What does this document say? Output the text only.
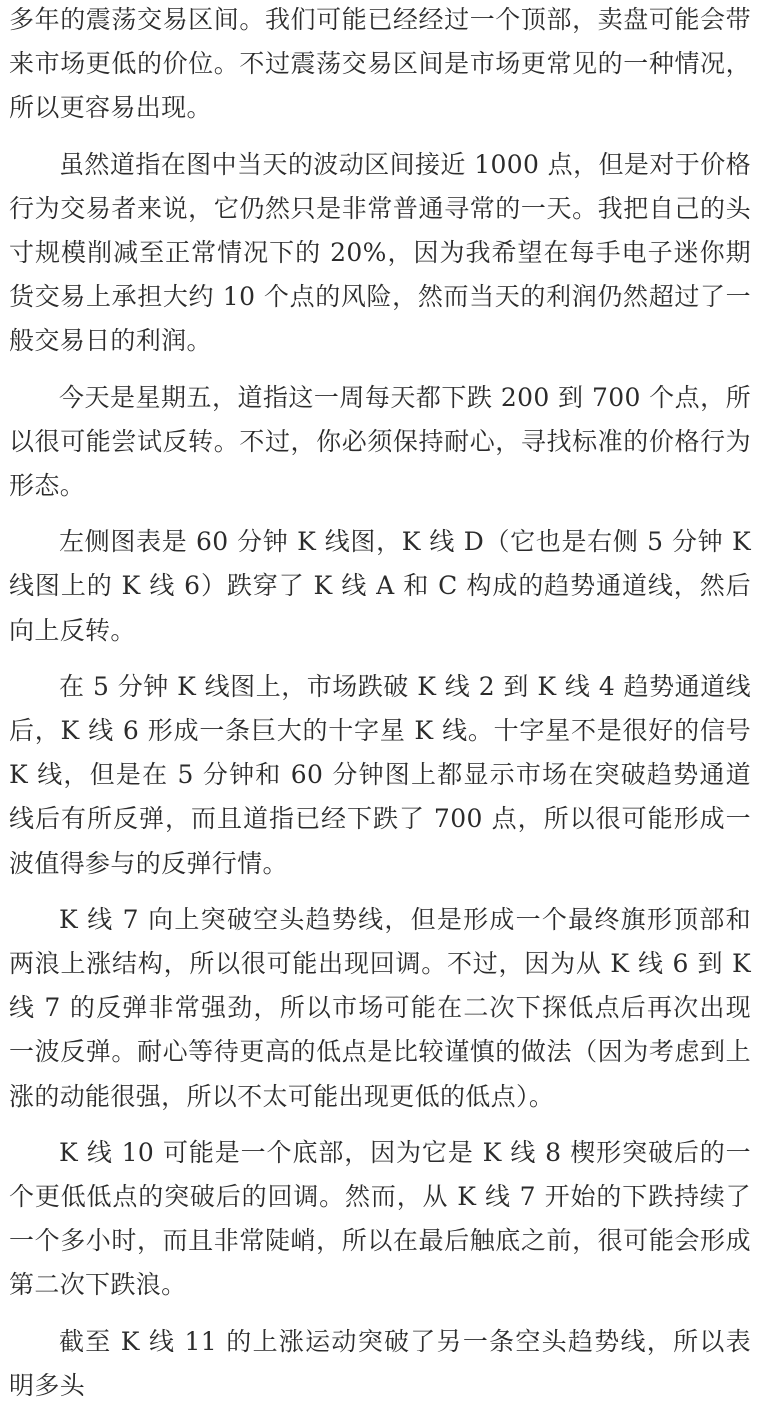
多年的震荡交易区间。我们可能已经经过一个顶部，卖盘可能会带来市场更低的价位。不过震荡交易区间是市场更常见的一种情况，所以更容易出现。

虽然道指在图中当天的波动区间接近 1000 点，但是对于价格行为交易者来说，它仍然只是非常普通寻常的一天。我把自己的头寸规模削减至正常情况下的 20%，因为我希望在每手电子迷你期货交易上承担大约 10 个点的风险，然而当天的利润仍然超过了一般交易日的利润。

今天是星期五，道指这一周每天都下跌 200 到 700 个点，所以很可能尝试反转。不过，你必须保持耐心，寻找标准的价格行为形态。

左侧图表是 60 分钟 K 线图，K 线 D（它也是右侧 5 分钟 K 线图上的 K 线 6）跌穿了 K 线 A 和 C 构成的趋势通道线，然后向上反转。

在 5 分钟 K 线图上，市场跌破 K 线 2 到 K 线 4 趋势通道线后，K 线 6 形成一条巨大的十字星 K 线。十字星不是很好的信号 K 线，但是在 5 分钟和 60 分钟图上都显示市场在突破趋势通道线后有所反弹，而且道指已经下跌了 700 点，所以很可能形成一波值得参与的反弹行情。

K 线 7 向上突破空头趋势线，但是形成一个最终旗形顶部和两浪上涨结构，所以很可能出现回调。不过，因为从 K 线 6 到 K 线 7 的反弹非常强劲，所以市场可能在二次下探低点后再次出现一波反弹。耐心等待更高的低点是比较谨慎的做法（因为考虑到上涨的动能很强，所以不太可能出现更低的低点）。

K 线 10 可能是一个底部，因为它是 K 线 8 楔形突破后的一个更低低点的突破后的回调。然而，从 K 线 7 开始的下跌持续了一个多小时，而且非常陡峭，所以在最后触底之前，很可能会形成第二次下跌浪。

截至 K 线 11 的上涨运动突破了另一条空头趋势线，所以表明多头
